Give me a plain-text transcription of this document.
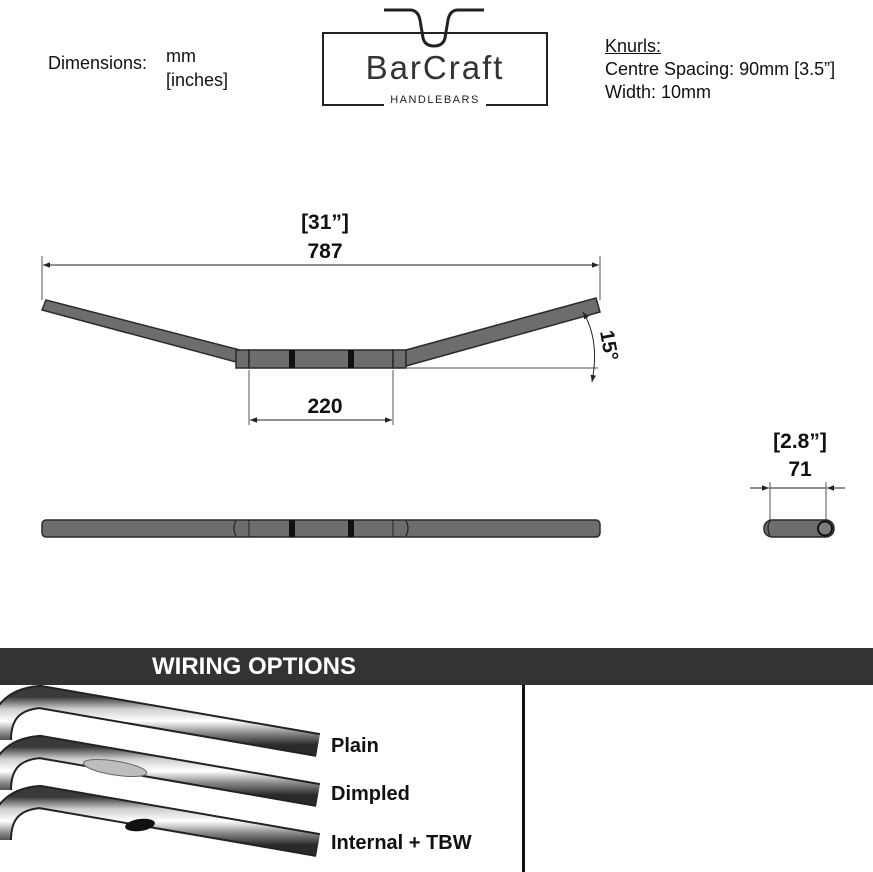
Dimensions: mm
[inches]	BarCraft
HANDLEBARS
Knurls:
Centre Spacing: 90mm [3.5”]
Width: 10mm
[31”]
787
220
15°
[2.8”]
71
WIRING OPTIONS
Plain
Dimpled
Internal + TBW
